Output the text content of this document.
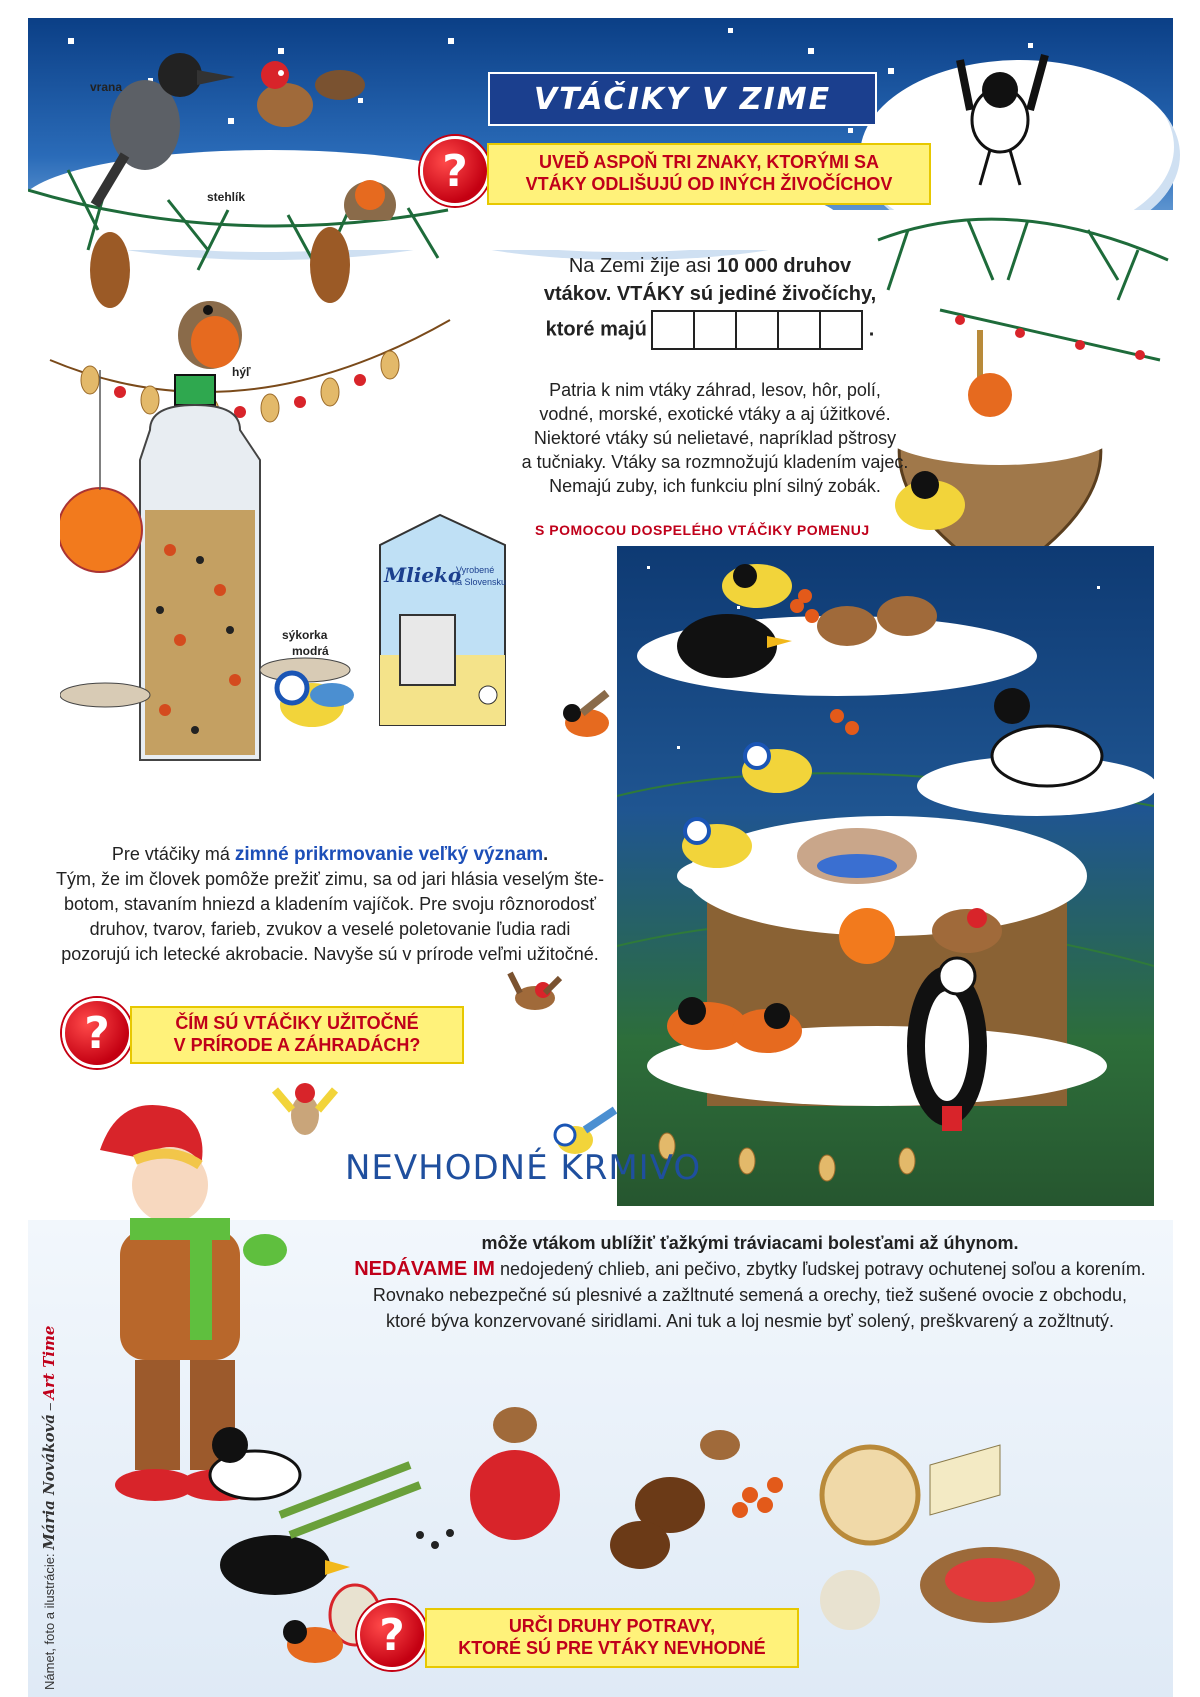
VTÁČIKY V ZIME
?	UVEĎ ASPOŇ TRI ZNAKY, KTORÝMI SA
VTÁKY ODLIŠUJÚ OD INÝCH ŽIVOČÍCHOV
vrana
stehlík
hýľ
sýkorka
modrá
Mlieko
Vyrobené
na Slovensku
Na Zemi žije asi 10 000 druhov
vtákov. VTÁKY sú jediné živočíchy,
ktoré majú	.
Patria k nim vtáky záhrad, lesov, hôr, polí,
vodné, morské, exotické vtáky a aj úžitkové.
Niektoré vtáky sú nelietavé, napríklad pštrosy
a tučniaky. Vtáky sa rozmnožujú kladením vajec.
Nemajú zuby, ich funkciu plní silný zobák.
S POMOCOU DOSPELÉHO VTÁČIKY POMENUJ
Pre vtáčiky má zimné prikrmovanie veľký význam.
Tým, že im človek pomôže prežiť zimu, sa od jari hlásia veselým šte-
botom, stavaním hniezd a kladením vajíčok. Pre svoju rôznorodosť
druhov, tvarov, farieb, zvukov a veselé poletovanie ľudia radi
pozorujú ich letecké akrobacie. Navyše sú v prírode veľmi užitočné.
?	ČÍM SÚ VTÁČIKY UŽITOČNÉ
V PRÍRODE A ZÁHRADÁCH?
NEVHODNÉ KRMIVO
môže vtákom ublížiť ťažkými tráviacami bolesťami až úhynom.
NEDÁVAME IM nedojedený chlieb, ani pečivo, zbytky ľudskej potravy ochutenej soľou a korením.
Rovnako nebezpečné sú plesnivé a zažltnuté semená a orechy, tiež sušené ovocie z obchodu,
ktoré býva konzervované siridlami. Ani tuk a loj nesmie byť solený, preškvarený a zožltnutý.
?	URČI DRUHY POTRAVY,
KTORÉ SÚ PRE VTÁKY NEVHODNÉ
Námet, foto a ilustrácie: Mária Nováková – Art Time
